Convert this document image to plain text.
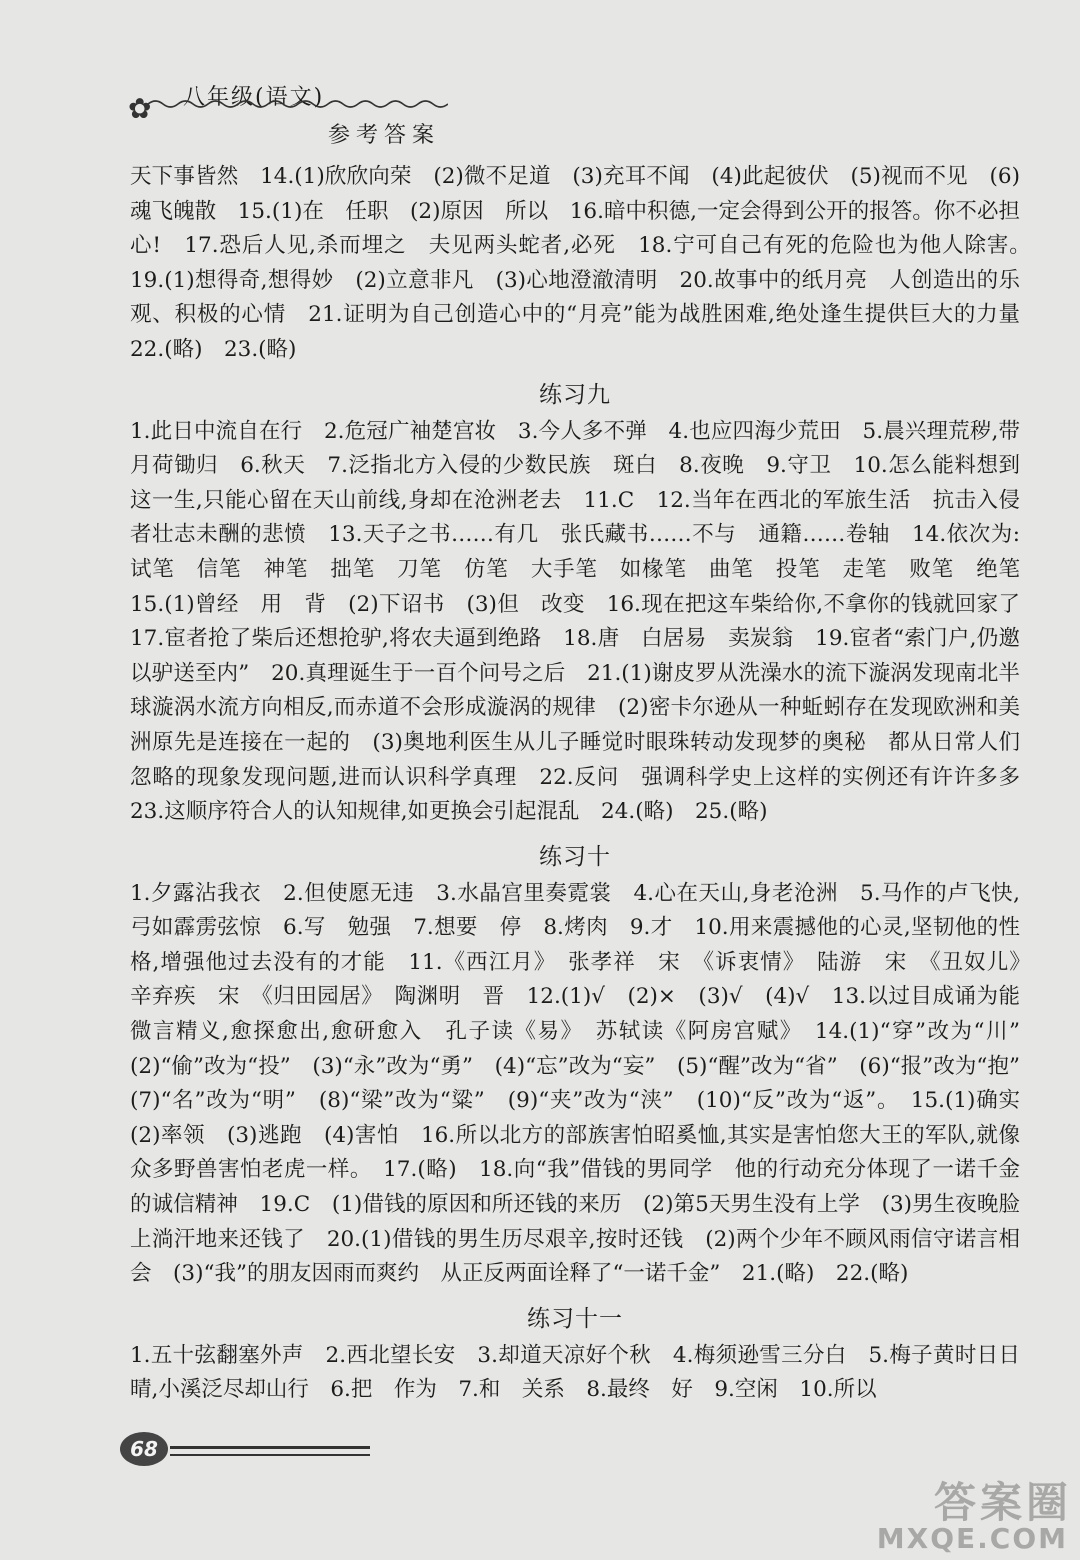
✿ 八年级(语文)
参考答案

天下事皆然　14.(1)欣欣向荣　(2)微不足道　(3)充耳不闻　(4)此起彼伏　(5)视而不见　(6)魂飞魄散　15.(1)在　任职　(2)原因　所以　16.暗中积德,一定会得到公开的报答。你不必担心!　17.恐后人见,杀而埋之　夫见两头蛇者,必死　18.宁可自己有死的危险也为他人除害。　19.(1)想得奇,想得妙　(2)立意非凡　(3)心地澄澈清明　20.故事中的纸月亮　人创造出的乐观、积极的心情　21.证明为自己创造心中的“月亮”能为战胜困难,绝处逢生提供巨大的力量　22.(略)　23.(略)

练习九

1.此日中流自在行　2.危冠广袖楚宫妆　3.今人多不弹　4.也应四海少荒田　5.晨兴理荒秽,带月荷锄归　6.秋天　7.泛指北方入侵的少数民族　斑白　8.夜晚　9.守卫　10.怎么能料想到这一生,只能心留在天山前线,身却在沧洲老去　11.C　12.当年在西北的军旅生活　抗击入侵者壮志未酬的悲愤　13.天子之书……有几　张氏藏书……不与　通籍……卷轴　14.依次为:试笔　信笔　神笔　拙笔　刀笔　仿笔　大手笔　如椽笔　曲笔　投笔　走笔　败笔　绝笔　15.(1)曾经　用　背　(2)下诏书　(3)但　改变　16.现在把这车柴给你,不拿你的钱就回家了　17.宦者抢了柴后还想抢驴,将农夫逼到绝路　18.唐　白居易　卖炭翁　19.宦者“索门户,仍邀以驴送至内”　20.真理诞生于一百个问号之后　21.(1)谢皮罗从洗澡水的流下漩涡发现南北半球漩涡水流方向相反,而赤道不会形成漩涡的规律　(2)密卡尔逊从一种蚯蚓存在发现欧洲和美洲原先是连接在一起的　(3)奥地利医生从儿子睡觉时眼珠转动发现梦的奥秘　都从日常人们忽略的现象发现问题,进而认识科学真理　22.反问　强调科学史上这样的实例还有许许多多　23.这顺序符合人的认知规律,如更换会引起混乱　24.(略)　25.(略)

练习十

1.夕露沾我衣　2.但使愿无违　3.水晶宫里奏霓裳　4.心在天山,身老沧洲　5.马作的卢飞快,弓如霹雳弦惊　6.写　勉强　7.想要　停　8.烤肉　9.才　10.用来震撼他的心灵,坚韧他的性格,增强他过去没有的才能　11.《西江月》　张孝祥　宋　《诉衷情》　陆游　宋　《丑奴儿》　辛弃疾　宋　《归田园居》　陶渊明　晋　12.(1)√　(2)×　(3)√　(4)√　13.以过目成诵为能　微言精义,愈探愈出,愈研愈入　孔子读《易》　苏轼读《阿房宫赋》　14.(1)“穿”改为“川”　(2)“偷”改为“投”　(3)“永”改为“勇”　(4)“忘”改为“妄”　(5)“醒”改为“省”　(6)“报”改为“抱”　(7)“名”改为“明”　(8)“梁”改为“粱”　(9)“夹”改为“浃”　(10)“反”改为“返”。　15.(1)确实　(2)率领　(3)逃跑　(4)害怕　16.所以北方的部族害怕昭奚恤,其实是害怕您大王的军队,就像众多野兽害怕老虎一样。　17.(略)　18.向“我”借钱的男同学　他的行动充分体现了一诺千金的诚信精神　19.C　(1)借钱的原因和所还钱的来历　(2)第5天男生没有上学　(3)男生夜晚脸上淌汗地来还钱了　20.(1)借钱的男生历尽艰辛,按时还钱　(2)两个少年不顾风雨信守诺言相会　(3)“我”的朋友因雨而爽约　从正反两面诠释了“一诺千金”　21.(略)　22.(略)

练习十一

1.五十弦翻塞外声　2.西北望长安　3.却道天凉好个秋　4.梅须逊雪三分白　5.梅子黄时日日晴,小溪泛尽却山行　6.把　作为　7.和　关系　8.最终　好　9.空闲　10.所以

68
答案圈
MXQE.COM
